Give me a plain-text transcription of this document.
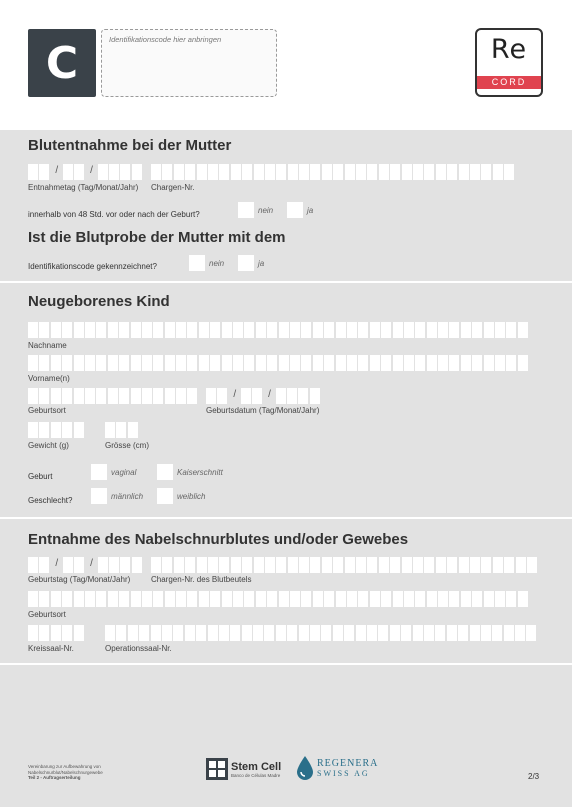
C	Identifikationscode hier anbringen	Re
CORD
Blutentnahme bei der Mutter
/	/
Entnahmetag (Tag/Monat/Jahr) Chargen-Nr.
innerhalb von 48 Std. vor oder nach der Geburt?	nein	ja
Ist die Blutprobe der Mutter mit dem
Identifikationscode gekennzeichnet?	nein	ja
Neugeborenes Kind
Nachname
Vorname(n)
/	/
Geburtsort	Geburtsdatum (Tag/Monat/Jahr)
Gewicht (g)	Grösse (cm)
Geburt	vaginal	Kaiserschnitt
Geschlecht?	männlich	weiblich
Entnahme des Nabelschnurblutes und/oder Gewebes
/	/
Geburtstag (Tag/Monat/Jahr)	Chargen-Nr. des Blutbeutels
Geburtsort
Kreissaal-Nr.	Operationssaal-Nr.
Vereinbarung zur Aufbewahrung von
Nabelschnurblut/Nabelschnurgewebe
Teil 2 - Auftragserteilung
Stem Cell
Banco de Células Madre
REGENERA
SWISS AG	2/3
